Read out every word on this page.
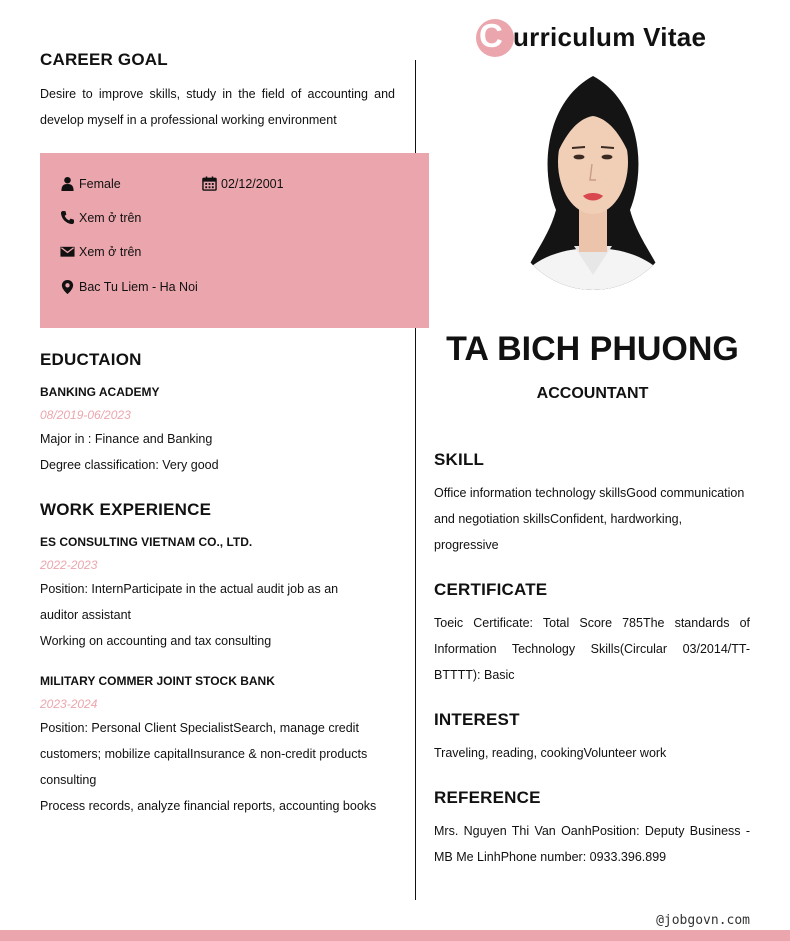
C urriculum Vitae
CAREER GOAL
Desire to improve skills, study in the field of accounting and develop myself in a professional working environment
Female	02/12/2001
Xem ở trên
Xem ở trên
Bac Tu Liem - Ha Noi
EDUCTAION
BANKING ACADEMY
08/2019-06/2023
Major in : Finance and Banking
Degree classification: Very good
WORK EXPERIENCE
ES CONSULTING VIETNAM CO., LTD.
2022-2023
Position: InternParticipate in the actual audit job as an auditor assistant
Working on accounting and tax consulting
MILITARY COMMER JOINT STOCK BANK
2023-2024
Position: Personal Client SpecialistSearch, manage credit customers; mobilize capitalInsurance & non-credit products consulting
Process records, analyze financial reports, accounting books
TA BICH PHUONG
ACCOUNTANT
SKILL
Office information technology skillsGood communication and negotiation skillsConfident, hardworking, progressive
CERTIFICATE
Toeic Certificate: Total Score 785The standards of Information Technology Skills(Circular 03/2014/TT-BTTTT): Basic
INTEREST
Traveling, reading, cookingVolunteer work
REFERENCE
Mrs. Nguyen Thi Van OanhPosition: Deputy Business - MB Me LinhPhone number: 0933.396.899
@jobgovn.com
